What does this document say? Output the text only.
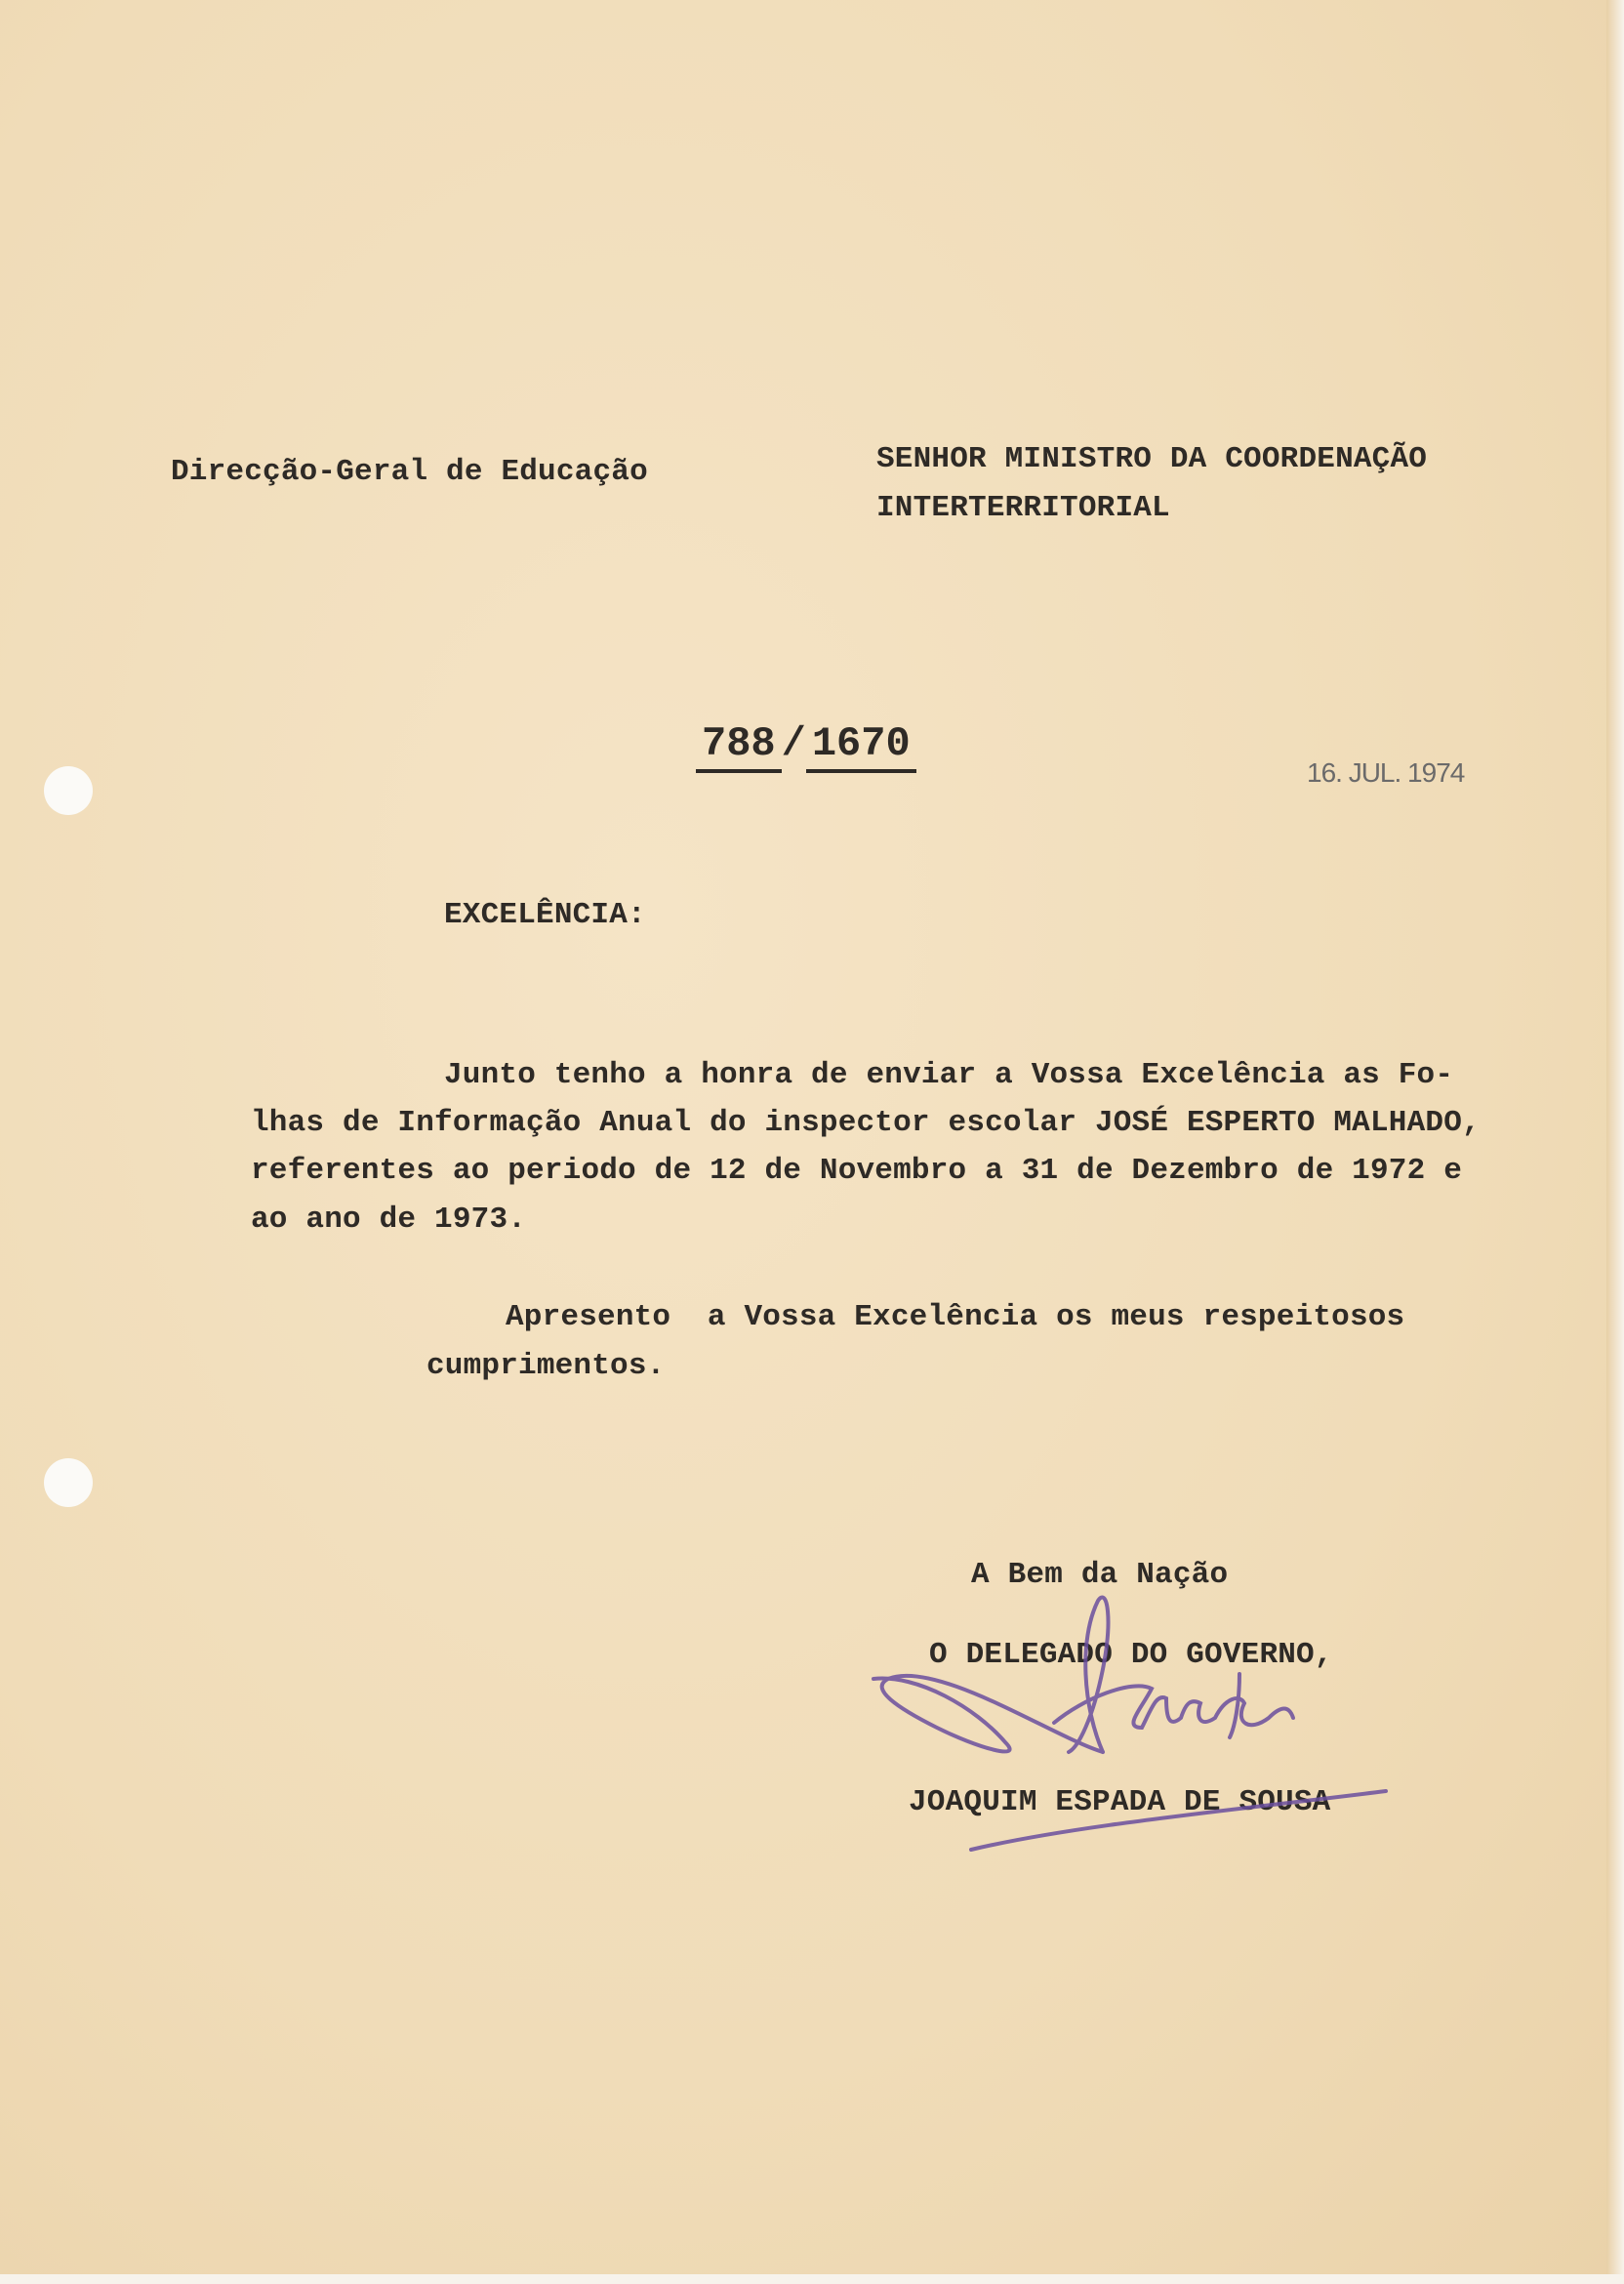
Direcção-Geral de Educação	SENHOR MINISTRO DA COORDENAÇÃO
INTERTERRITORIAL
788 / 1670
16. JUL. 1974
EXCELÊNCIA:
Junto tenho a honra de enviar a Vossa Excelência as Fo-
lhas de Informação Anual do inspector escolar JOSÉ ESPERTO MALHADO,
referentes ao periodo de 12 de Novembro a 31 de Dezembro de 1972 e
ao ano de 1973.
Apresento  a Vossa Excelência os meus respeitosos
cumprimentos.
A Bem da Nação
O DELEGADO DO GOVERNO,
JOAQUIM ESPADA DE SOUSA
